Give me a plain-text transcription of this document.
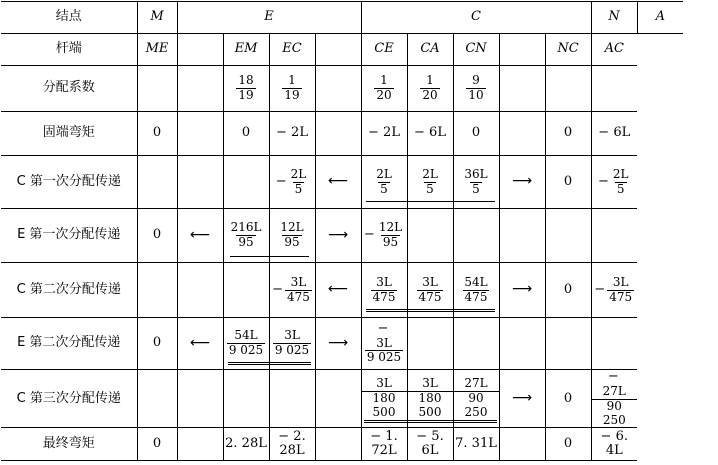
结点	M	E				C					N	A
杆端	ME		EM	EC		CE	CA	CN		NC	AC	
分配系数			$\frac{18}{19}$	$\frac{1}{19}$		$\frac{1}{20}$	$\frac{1}{20}$	$\frac{9}{10}$

固端弯矩	0		0	− 2L		− 2L	− 6L	0		0	− 6L	
C 第一次分配传递				− $\frac{2L}{5}$	⟵	$\frac{2L}{5}$	$\frac{2L}{5}$	$\frac{36L}{5}$	⟶	0	− $\frac{2L}{5}$

E 第一次分配传递	0	⟵	$\frac{216L}{95}$	$\frac{12L}{95}$	⟶	− $\frac{12L}{95}$

C 第二次分配传递				− $\frac{3L}{475}$	⟵	$\frac{3L}{475}$	$\frac{3L}{475}$	$\frac{54L}{475}$	⟶	0	− $\frac{3L}{475}$

E 第二次分配传递	0	⟵	$\frac{54L}{9 025}$	$\frac{3L}{9 025}$	⟶	−
$\frac{3L}{9 025}$

C 第三次分配传递						$\frac{3L}{180 500}$	$\frac{3L}{180 500}$	$\frac{27L}{90 250}$	⟶	0	−
$\frac{27L}{90 250}$

最终弯矩	0		2. 28L	− 2. 28L		− 1. 72L	− 5. 6L	7. 31L		0	− 6. 4L	
